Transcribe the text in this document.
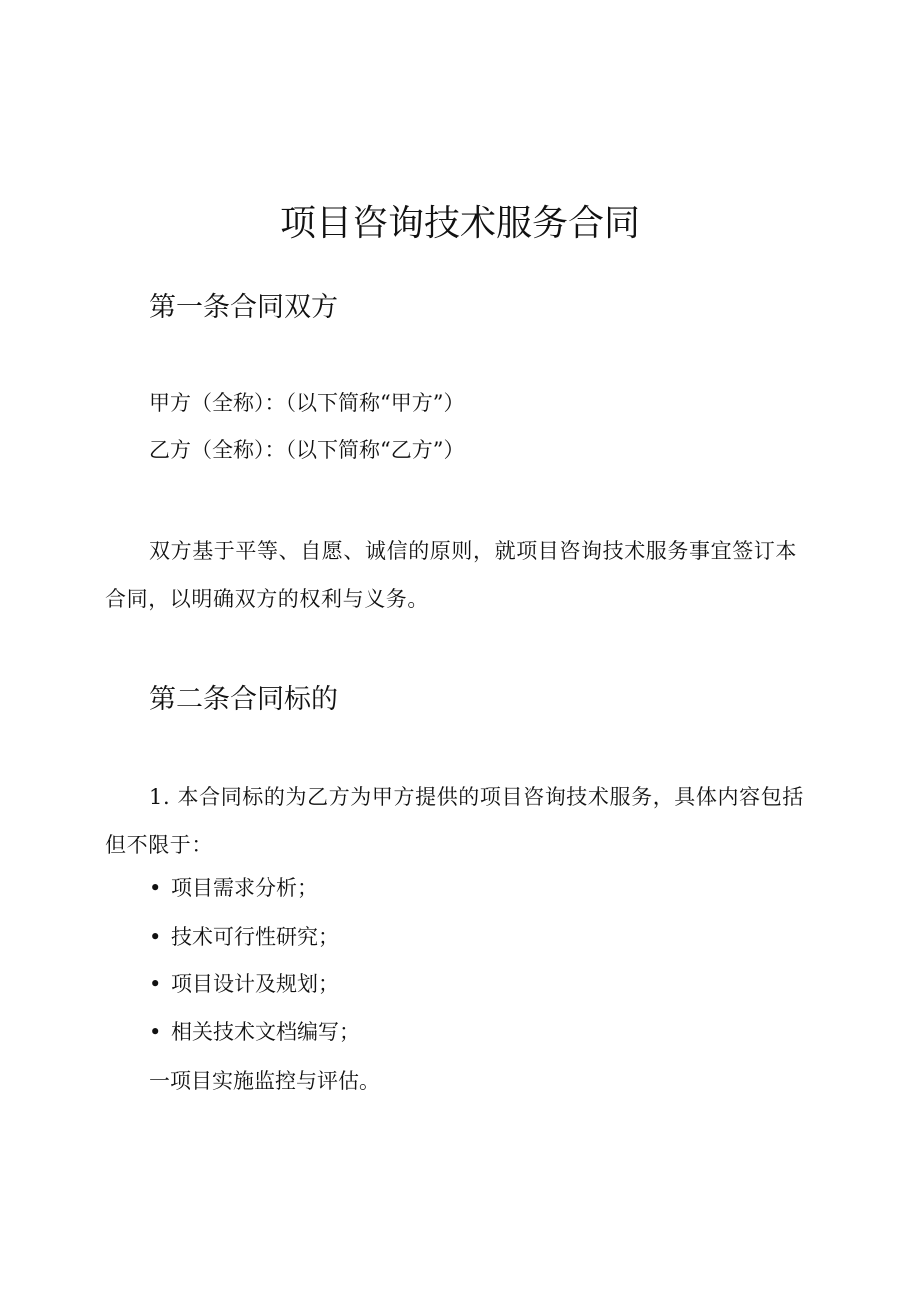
项目咨询技术服务合同
第一条合同双方
甲方（全称）：（以下简称“甲方”）
乙方（全称）：（以下简称“乙方”）
双方基于平等、自愿、诚信的原则，就项目咨询技术服务事宜签订本合同，以明确双方的权利与义务。
第二条合同标的
1. 本合同标的为乙方为甲方提供的项目咨询技术服务，具体内容包括但不限于：
• 项目需求分析；
• 技术可行性研究；
• 项目设计及规划；
• 相关技术文档编写；
一项目实施监控与评估。
